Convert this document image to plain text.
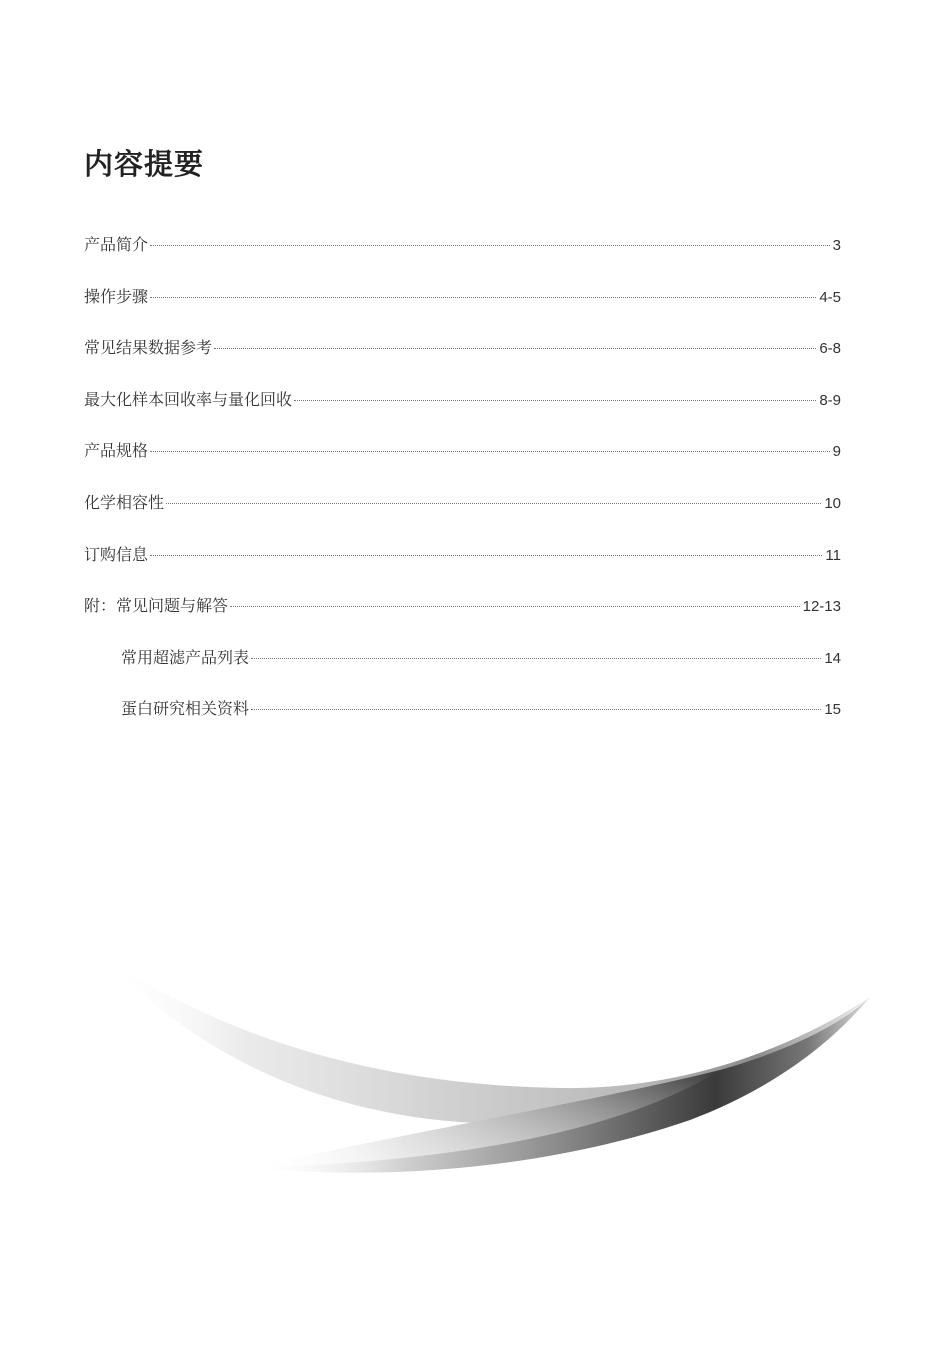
内容提要
产品简介	3
操作步骤	4-5
常见结果数据参考	6-8
最大化样本回收率与量化回收	8-9
产品规格	9
化学相容性	10
订购信息	11
附：常见问题与解答	12-13
常用超滤产品列表	14
蛋白研究相关资料	15
